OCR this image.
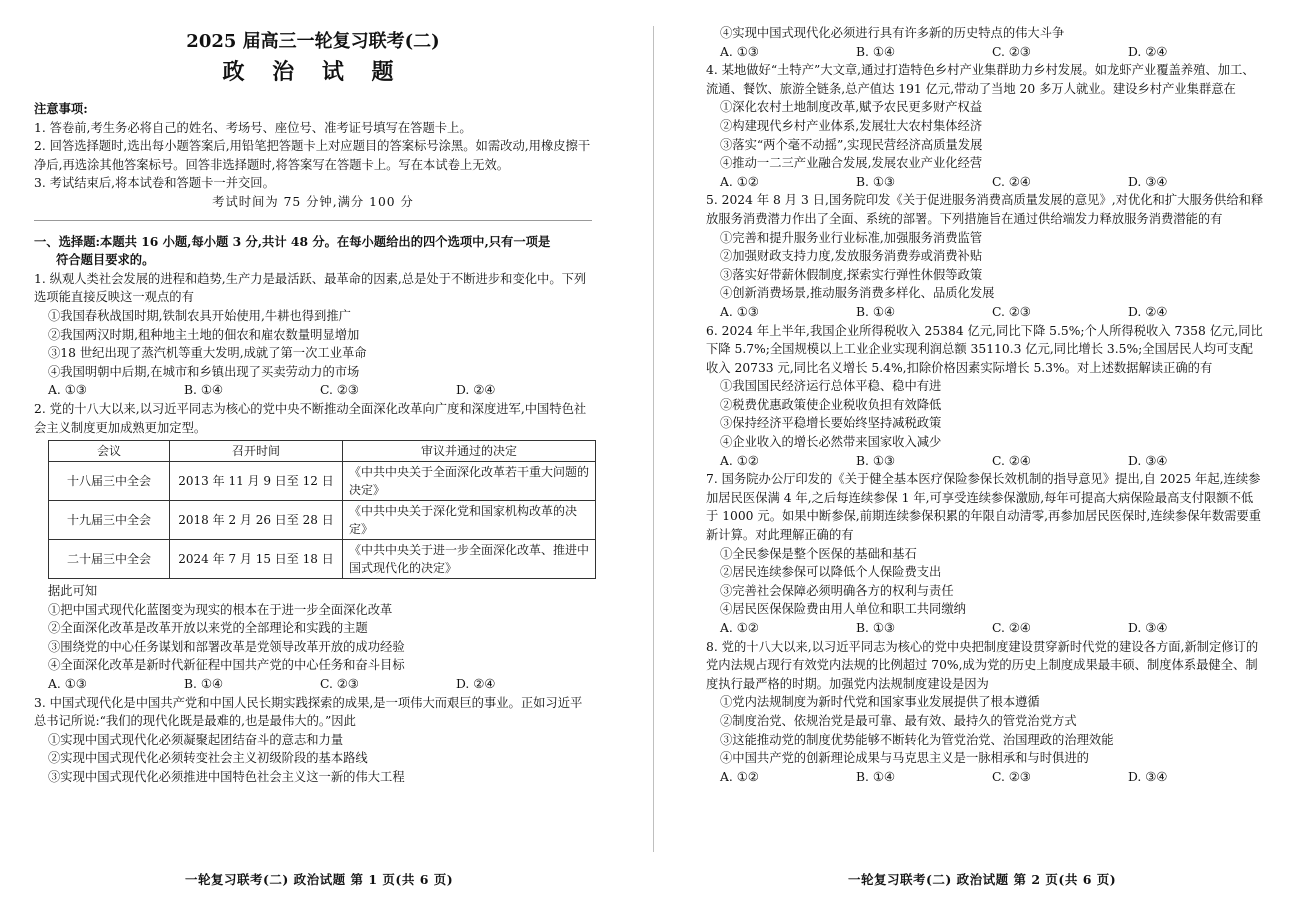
2025 届高三一轮复习联考(二)
政 治 试 题
注意事项:
1. 答卷前,考生务必将自己的姓名、考场号、座位号、准考证号填写在答题卡上。
2. 回答选择题时,选出每小题答案后,用铅笔把答题卡上对应题目的答案标号涂黑。如需改动,用橡皮擦干净后,再选涂其他答案标号。回答非选择题时,将答案写在答题卡上。写在本试卷上无效。
3. 考试结束后,将本试卷和答题卡一并交回。
考试时间为 75 分钟,满分 100 分
一、选择题:本题共 16 小题,每小题 3 分,共计 48 分。在每小题给出的四个选项中,只有一项是
符合题目要求的。
1. 纵观人类社会发展的进程和趋势,生产力是最活跃、最革命的因素,总是处于不断进步和变化中。下列选项能直接反映这一观点的有
①我国春秋战国时期,铁制农具开始使用,牛耕也得到推广
②我国两汉时期,租种地主土地的佃农和雇农数量明显增加
③18 世纪出现了蒸汽机等重大发明,成就了第一次工业革命
④我国明朝中后期,在城市和乡镇出现了买卖劳动力的市场
A. ①③	B. ①④	C. ②③	D. ②④
2. 党的十八大以来,以习近平同志为核心的党中央不断推动全面深化改革向广度和深度进军,中国特色社会主义制度更加成熟更加定型。
会议	召开时间	审议并通过的决定
十八届三中全会	2013 年 11 月 9 日至 12 日	《中共中央关于全面深化改革若干重大问题的决定》
十九届三中全会	2018 年 2 月 26 日至 28 日	《中共中央关于深化党和国家机构改革的决定》
二十届三中全会	2024 年 7 月 15 日至 18 日	《中共中央关于进一步全面深化改革、推进中国式现代化的决定》
据此可知
①把中国式现代化蓝图变为现实的根本在于进一步全面深化改革
②全面深化改革是改革开放以来党的全部理论和实践的主题
③围绕党的中心任务谋划和部署改革是党领导改革开放的成功经验
④全面深化改革是新时代新征程中国共产党的中心任务和奋斗目标
A. ①③	B. ①④	C. ②③	D. ②④
3. 中国式现代化是中国共产党和中国人民长期实践探索的成果,是一项伟大而艰巨的事业。正如习近平总书记所说:“我们的现代化既是最难的,也是最伟大的。”因此
①实现中国式现代化必须凝聚起团结奋斗的意志和力量
②实现中国式现代化必须转变社会主义初级阶段的基本路线
③实现中国式现代化必须推进中国特色社会主义这一新的伟大工程
④实现中国式现代化必须进行具有许多新的历史特点的伟大斗争
A. ①③	B. ①④	C. ②③	D. ②④
4. 某地做好“土特产”大文章,通过打造特色乡村产业集群助力乡村发展。如龙虾产业覆盖养殖、加工、流通、餐饮、旅游全链条,总产值达 191 亿元,带动了当地 20 多万人就业。建设乡村产业集群意在
①深化农村土地制度改革,赋予农民更多财产权益
②构建现代乡村产业体系,发展壮大农村集体经济
③落实“两个毫不动摇”,实现民营经济高质量发展
④推动一二三产业融合发展,发展农业产业化经营
A. ①②	B. ①③	C. ②④	D. ③④
5. 2024 年 8 月 3 日,国务院印发《关于促进服务消费高质量发展的意见》,对优化和扩大服务供给和释放服务消费潜力作出了全面、系统的部署。下列措施旨在通过供给端发力释放服务消费潜能的有
①完善和提升服务业行业标准,加强服务消费监管
②加强财政支持力度,发放服务消费券或消费补贴
③落实好带薪休假制度,探索实行弹性休假等政策
④创新消费场景,推动服务消费多样化、品质化发展
A. ①③	B. ①④	C. ②③	D. ②④
6. 2024 年上半年,我国企业所得税收入 25384 亿元,同比下降 5.5%;个人所得税收入 7358 亿元,同比下降 5.7%;全国规模以上工业企业实现利润总额 35110.3 亿元,同比增长 3.5%;全国居民人均可支配收入 20733 元,同比名义增长 5.4%,扣除价格因素实际增长 5.3%。对上述数据解读正确的有
①我国国民经济运行总体平稳、稳中有进
②税费优惠政策使企业税收负担有效降低
③保持经济平稳增长要始终坚持减税政策
④企业收入的增长必然带来国家收入减少
A. ①②	B. ①③	C. ②④	D. ③④
7. 国务院办公厅印发的《关于健全基本医疗保险参保长效机制的指导意见》提出,自 2025 年起,连续参加居民医保满 4 年,之后每连续参保 1 年,可享受连续参保激励,每年可提高大病保险最高支付限额不低于 1000 元。如果中断参保,前期连续参保积累的年限自动清零,再参加居民医保时,连续参保年数需要重新计算。对此理解正确的有
①全民参保是整个医保的基础和基石
②居民连续参保可以降低个人保险费支出
③完善社会保障必须明确各方的权利与责任
④居民医保保险费由用人单位和职工共同缴纳
A. ①②	B. ①③	C. ②④	D. ③④
8. 党的十八大以来,以习近平同志为核心的党中央把制度建设贯穿新时代党的建设各方面,新制定修订的党内法规占现行有效党内法规的比例超过 70%,成为党的历史上制度成果最丰硕、制度体系最健全、制度执行最严格的时期。加强党内法规制度建设是因为
①党内法规制度为新时代党和国家事业发展提供了根本遵循
②制度治党、依规治党是最可靠、最有效、最持久的管党治党方式
③这能推动党的制度优势能够不断转化为管党治党、治国理政的治理效能
④中国共产党的创新理论成果与马克思主义是一脉相承和与时俱进的
A. ①②	B. ①④	C. ②③	D. ③④
一轮复习联考(二) 政治试题 第 1 页(共 6 页)	一轮复习联考(二) 政治试题 第 2 页(共 6 页)
